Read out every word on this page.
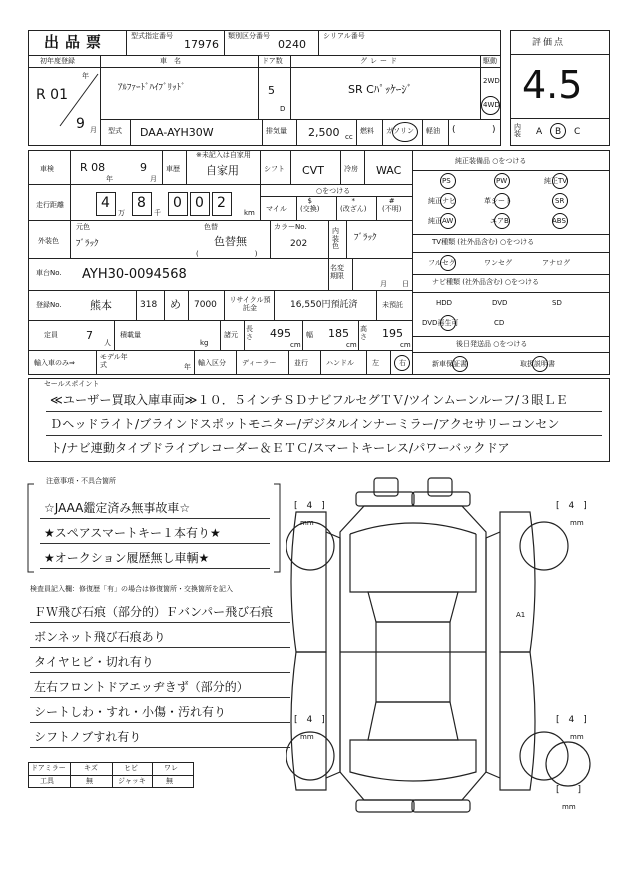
出品票	型式指定番号
17976
類別区分番号
0240
シリアル番号
評価点
4.5
内装	A B C
初年度登録
R 01
年
9 月
車　名
ｱﾙﾌｧｰﾄﾞﾊｲﾌﾞﾘｯﾄﾞ
ドア数
5
D
グレード
SR Cﾊﾟｯｹｰｼﾞ
駆動
2WD
4WD
型式 DAA-AYH30W	排気量 2,500 cc
燃料 ガソリン 軽油 (	)
車検 R 08
年
9
月
車歴
※未記入は自家用
自家用	シフト CVT	冷房 WAC
走行距離	4
万
8
千
0 0 2
km
○をつける
マイル
$
(交換)
*
(改ざん)
#
(不明)
外装色
元色
ﾌﾞﾗｯｸ
色替
色替無
(　　　　　　　　)
カラーNo.
202
内装色
ﾌﾞﾗｯｸ
車台No. AYH30-0094568	名変期限
月 日
登録No.	熊本	318 め 7000 リサイクル預託金	16,550円預託済	未預託
定員	7
人
積載量
kg
諸元
長さ 495
cm
幅 185
cm
高さ 195
cm
輸入車のみ⇒
モデル年式	年 輸入区分 ディーラー	並行	ハンドル	左	右
純正装備品 ○をつける
PS	PW	純正TV
純正ナビ	革シート	SR
純正AW	エアB	ABS
TV種類 (社外品含む) ○をつける
フルセグ	ワンセグ	アナログ
ナビ種類 (社外品含む) ○をつける
HDD	DVD	SD
DVD再生可	CD
後日発送品 ○をつける
新車保証書	取扱説明書
セールスポイント
≪ユーザー買取入庫車両≫１０．５インチＳＤナビフルセグＴＶ/ツインムーンルーフ/３眼ＬＥ
Ｄヘッドライト/ブラインドスポットモニター/デジタルインナーミラー/アクセサリーコンセン
ト/ナビ連動タイプドライブレコーダー＆ＥＴＣ/スマートキーレス/パワーバックドア
注意事項・不具合箇所
☆JAAA鑑定済み無事故車☆
★スペアスマートキー１本有り★
★オークション履歴無し車輌★
検査員記入欄：修復歴「有」の場合は修復箇所・交換箇所を記入
ＦＷ飛び石痕（部分的）Ｆバンパー飛び石痕
ボンネット飛び石痕あり
タイヤヒビ・切れ有り
左右フロントドアエッヂきず（部分的）
シートしわ・すれ・小傷・汚れ有り
シフトノブすれ有り
ドアミラー	キズ	ヒビ	ワレ
工具	無	ジャッキ	無
A1
[　4　]
mm
[　4　]
mm
[　4　]
mm
[　4　]
mm
[　　]
mm
